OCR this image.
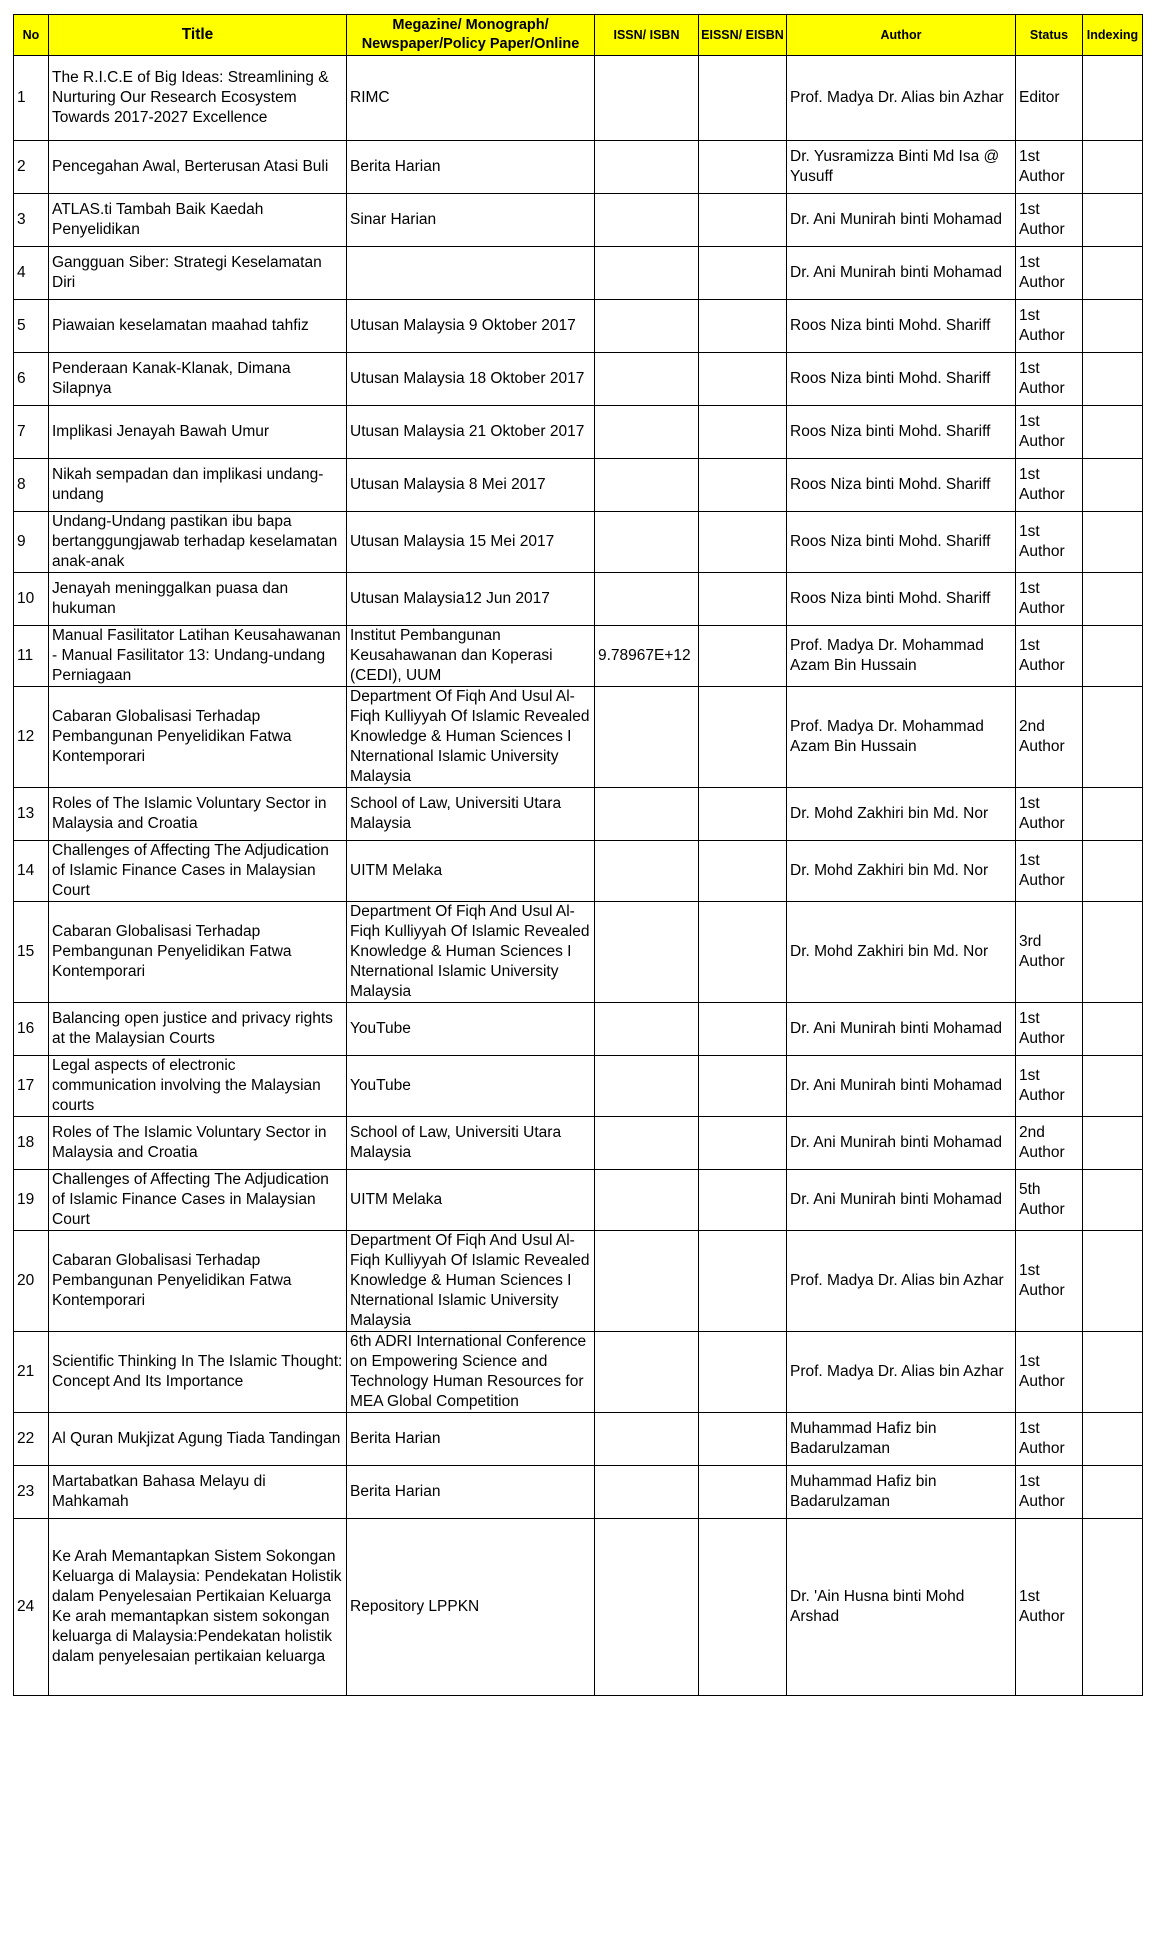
No	Title	Megazine/ Monograph/ Newspaper/Policy Paper/Online	ISSN/ ISBN	EISSN/ EISBN	Author	Status	Indexing
1	The R.I.C.E of Big Ideas: Streamlining & Nurturing Our Research Ecosystem Towards 2017-2027 Excellence	RIMC			Prof. Madya Dr. Alias bin Azhar	Editor	
2	Pencegahan Awal, Berterusan Atasi Buli	Berita Harian			Dr. Yusramizza Binti Md Isa @ Yusuff	1st Author	
3	ATLAS.ti Tambah Baik Kaedah Penyelidikan	Sinar Harian			Dr. Ani Munirah binti Mohamad	1st Author	
4	Gangguan Siber: Strategi Keselamatan Diri				Dr. Ani Munirah binti Mohamad	1st Author	
5	Piawaian keselamatan maahad tahfiz	Utusan Malaysia 9 Oktober 2017			Roos Niza binti Mohd. Shariff	1st Author	
6	Penderaan Kanak-Klanak, Dimana Silapnya	Utusan Malaysia 18 Oktober 2017			Roos Niza binti Mohd. Shariff	1st Author	
7	Implikasi Jenayah Bawah Umur	Utusan Malaysia 21 Oktober 2017			Roos Niza binti Mohd. Shariff	1st Author	
8	Nikah sempadan dan implikasi undang-undang	Utusan Malaysia 8 Mei 2017			Roos Niza binti Mohd. Shariff	1st Author	
9	Undang-Undang pastikan ibu bapa bertanggungjawab terhadap keselamatan anak-anak	Utusan Malaysia 15 Mei 2017			Roos Niza binti Mohd. Shariff	1st Author	
10	Jenayah meninggalkan puasa dan hukuman	Utusan Malaysia12 Jun 2017			Roos Niza binti Mohd. Shariff	1st Author	
11	Manual Fasilitator Latihan Keusahawanan - Manual Fasilitator 13: Undang-undang Perniagaan	Institut Pembangunan Keusahawanan dan Koperasi (CEDI), UUM	9.78967E+12		Prof. Madya Dr. Mohammad Azam Bin Hussain	1st Author	
12	Cabaran Globalisasi Terhadap Pembangunan Penyelidikan Fatwa Kontemporari	Department Of Fiqh And Usul Al-Fiqh Kulliyyah Of Islamic Revealed Knowledge & Human Sciences I Nternational Islamic University Malaysia			Prof. Madya Dr. Mohammad Azam Bin Hussain	2nd Author	
13	Roles of The Islamic Voluntary Sector in Malaysia and Croatia	School of Law, Universiti Utara Malaysia			Dr. Mohd Zakhiri bin Md. Nor	1st Author	
14	Challenges of Affecting The Adjudication of Islamic Finance Cases in Malaysian Court	UITM Melaka			Dr. Mohd Zakhiri bin Md. Nor	1st Author	
15	Cabaran Globalisasi Terhadap Pembangunan Penyelidikan Fatwa Kontemporari	Department Of Fiqh And Usul Al-Fiqh Kulliyyah Of Islamic Revealed Knowledge & Human Sciences I Nternational Islamic University Malaysia			Dr. Mohd Zakhiri bin Md. Nor	3rd Author	
16	Balancing open justice and privacy rights at the Malaysian Courts	YouTube			Dr. Ani Munirah binti Mohamad	1st Author	
17	Legal aspects of electronic communication involving the Malaysian courts	YouTube			Dr. Ani Munirah binti Mohamad	1st Author	
18	Roles of The Islamic Voluntary Sector in Malaysia and Croatia	School of Law, Universiti Utara Malaysia			Dr. Ani Munirah binti Mohamad	2nd Author	
19	Challenges of Affecting The Adjudication of Islamic Finance Cases in Malaysian Court	UITM Melaka			Dr. Ani Munirah binti Mohamad	5th Author	
20	Cabaran Globalisasi Terhadap Pembangunan Penyelidikan Fatwa Kontemporari	Department Of Fiqh And Usul Al-Fiqh Kulliyyah Of Islamic Revealed Knowledge & Human Sciences I Nternational Islamic University Malaysia			Prof. Madya Dr. Alias bin Azhar	1st Author	
21	Scientific Thinking In The Islamic Thought: Concept And Its Importance	6th ADRI International Conference on Empowering Science and Technology Human Resources for MEA Global Competition			Prof. Madya Dr. Alias bin Azhar	1st Author	
22	Al Quran Mukjizat Agung Tiada Tandingan	Berita Harian			Muhammad Hafiz bin Badarulzaman	1st Author	
23	Martabatkan Bahasa Melayu di Mahkamah	Berita Harian			Muhammad Hafiz bin Badarulzaman	1st Author	
24	Ke Arah Memantapkan Sistem Sokongan Keluarga di Malaysia: Pendekatan Holistik dalam Penyelesaian Pertikaian Keluarga Ke arah memantapkan sistem sokongan keluarga di Malaysia:Pendekatan holistik dalam penyelesaian pertikaian keluarga	Repository LPPKN			Dr. 'Ain Husna binti Mohd Arshad	1st Author	
